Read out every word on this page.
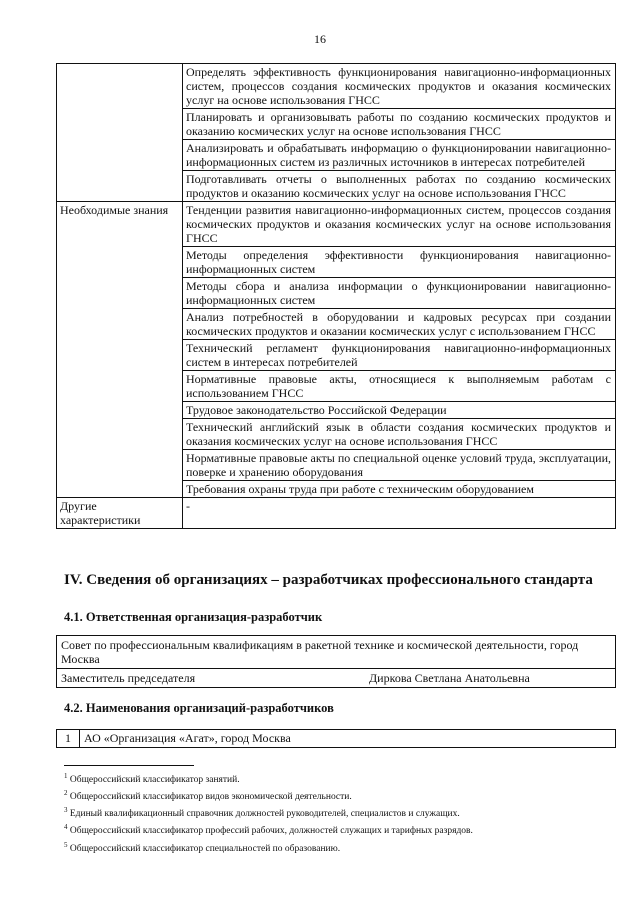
16
	Определять эффективность функционирования навигационно-информационных систем, процессов создания космических продуктов и оказания космических услуг на основе использования ГНСС
	Планировать и организовывать работы по созданию космических продуктов и оказанию космических услуг на основе использования ГНСС
	Анализировать и обрабатывать информацию о функционировании навигационно-информационных систем из различных источников в интересах потребителей
	Подготавливать отчеты о выполненных работах по созданию космических продуктов и оказанию космических услуг на основе использования ГНСС
Необходимые знания	Тенденции развития навигационно-информационных систем, процессов создания космических продуктов и оказания космических услуг на основе использования ГНСС
	Методы определения эффективности функционирования навигационно-информационных систем
	Методы сбора и анализа информации о функционировании навигационно-информационных систем
	Анализ потребностей в оборудовании и кадровых ресурсах при создании космических продуктов и оказании космических услуг с использованием ГНСС
	Технический регламент функционирования навигационно-информационных систем в интересах потребителей
	Нормативные правовые акты, относящиеся к выполняемым работам с использованием ГНСС
	Трудовое законодательство Российской Федерации
	Технический английский язык в области создания космических продуктов и оказания космических услуг на основе использования ГНСС
	Нормативные правовые акты по специальной оценке условий труда, эксплуатации, поверке и хранению оборудования
	Требования охраны труда при работе с техническим оборудованием
Другие характеристики	-
IV. Сведения об организациях – разработчиках профессионального стандарта
4.1. Ответственная организация-разработчик
Совет по профессиональным квалификациям в ракетной технике и космической деятельности, город Москва
Заместитель председателя	Диркова Светлана Анатольевна
4.2. Наименования организаций-разработчиков
1	АО «Организация «Агат», город Москва
$^1$ Общероссийский классификатор занятий.
$^2$ Общероссийский классификатор видов экономической деятельности.
$^3$ Единый квалификационный справочник должностей руководителей, специалистов и служащих.
$^4$ Общероссийский классификатор профессий рабочих, должностей служащих и тарифных разрядов.
$^5$ Общероссийский классификатор специальностей по образованию.
